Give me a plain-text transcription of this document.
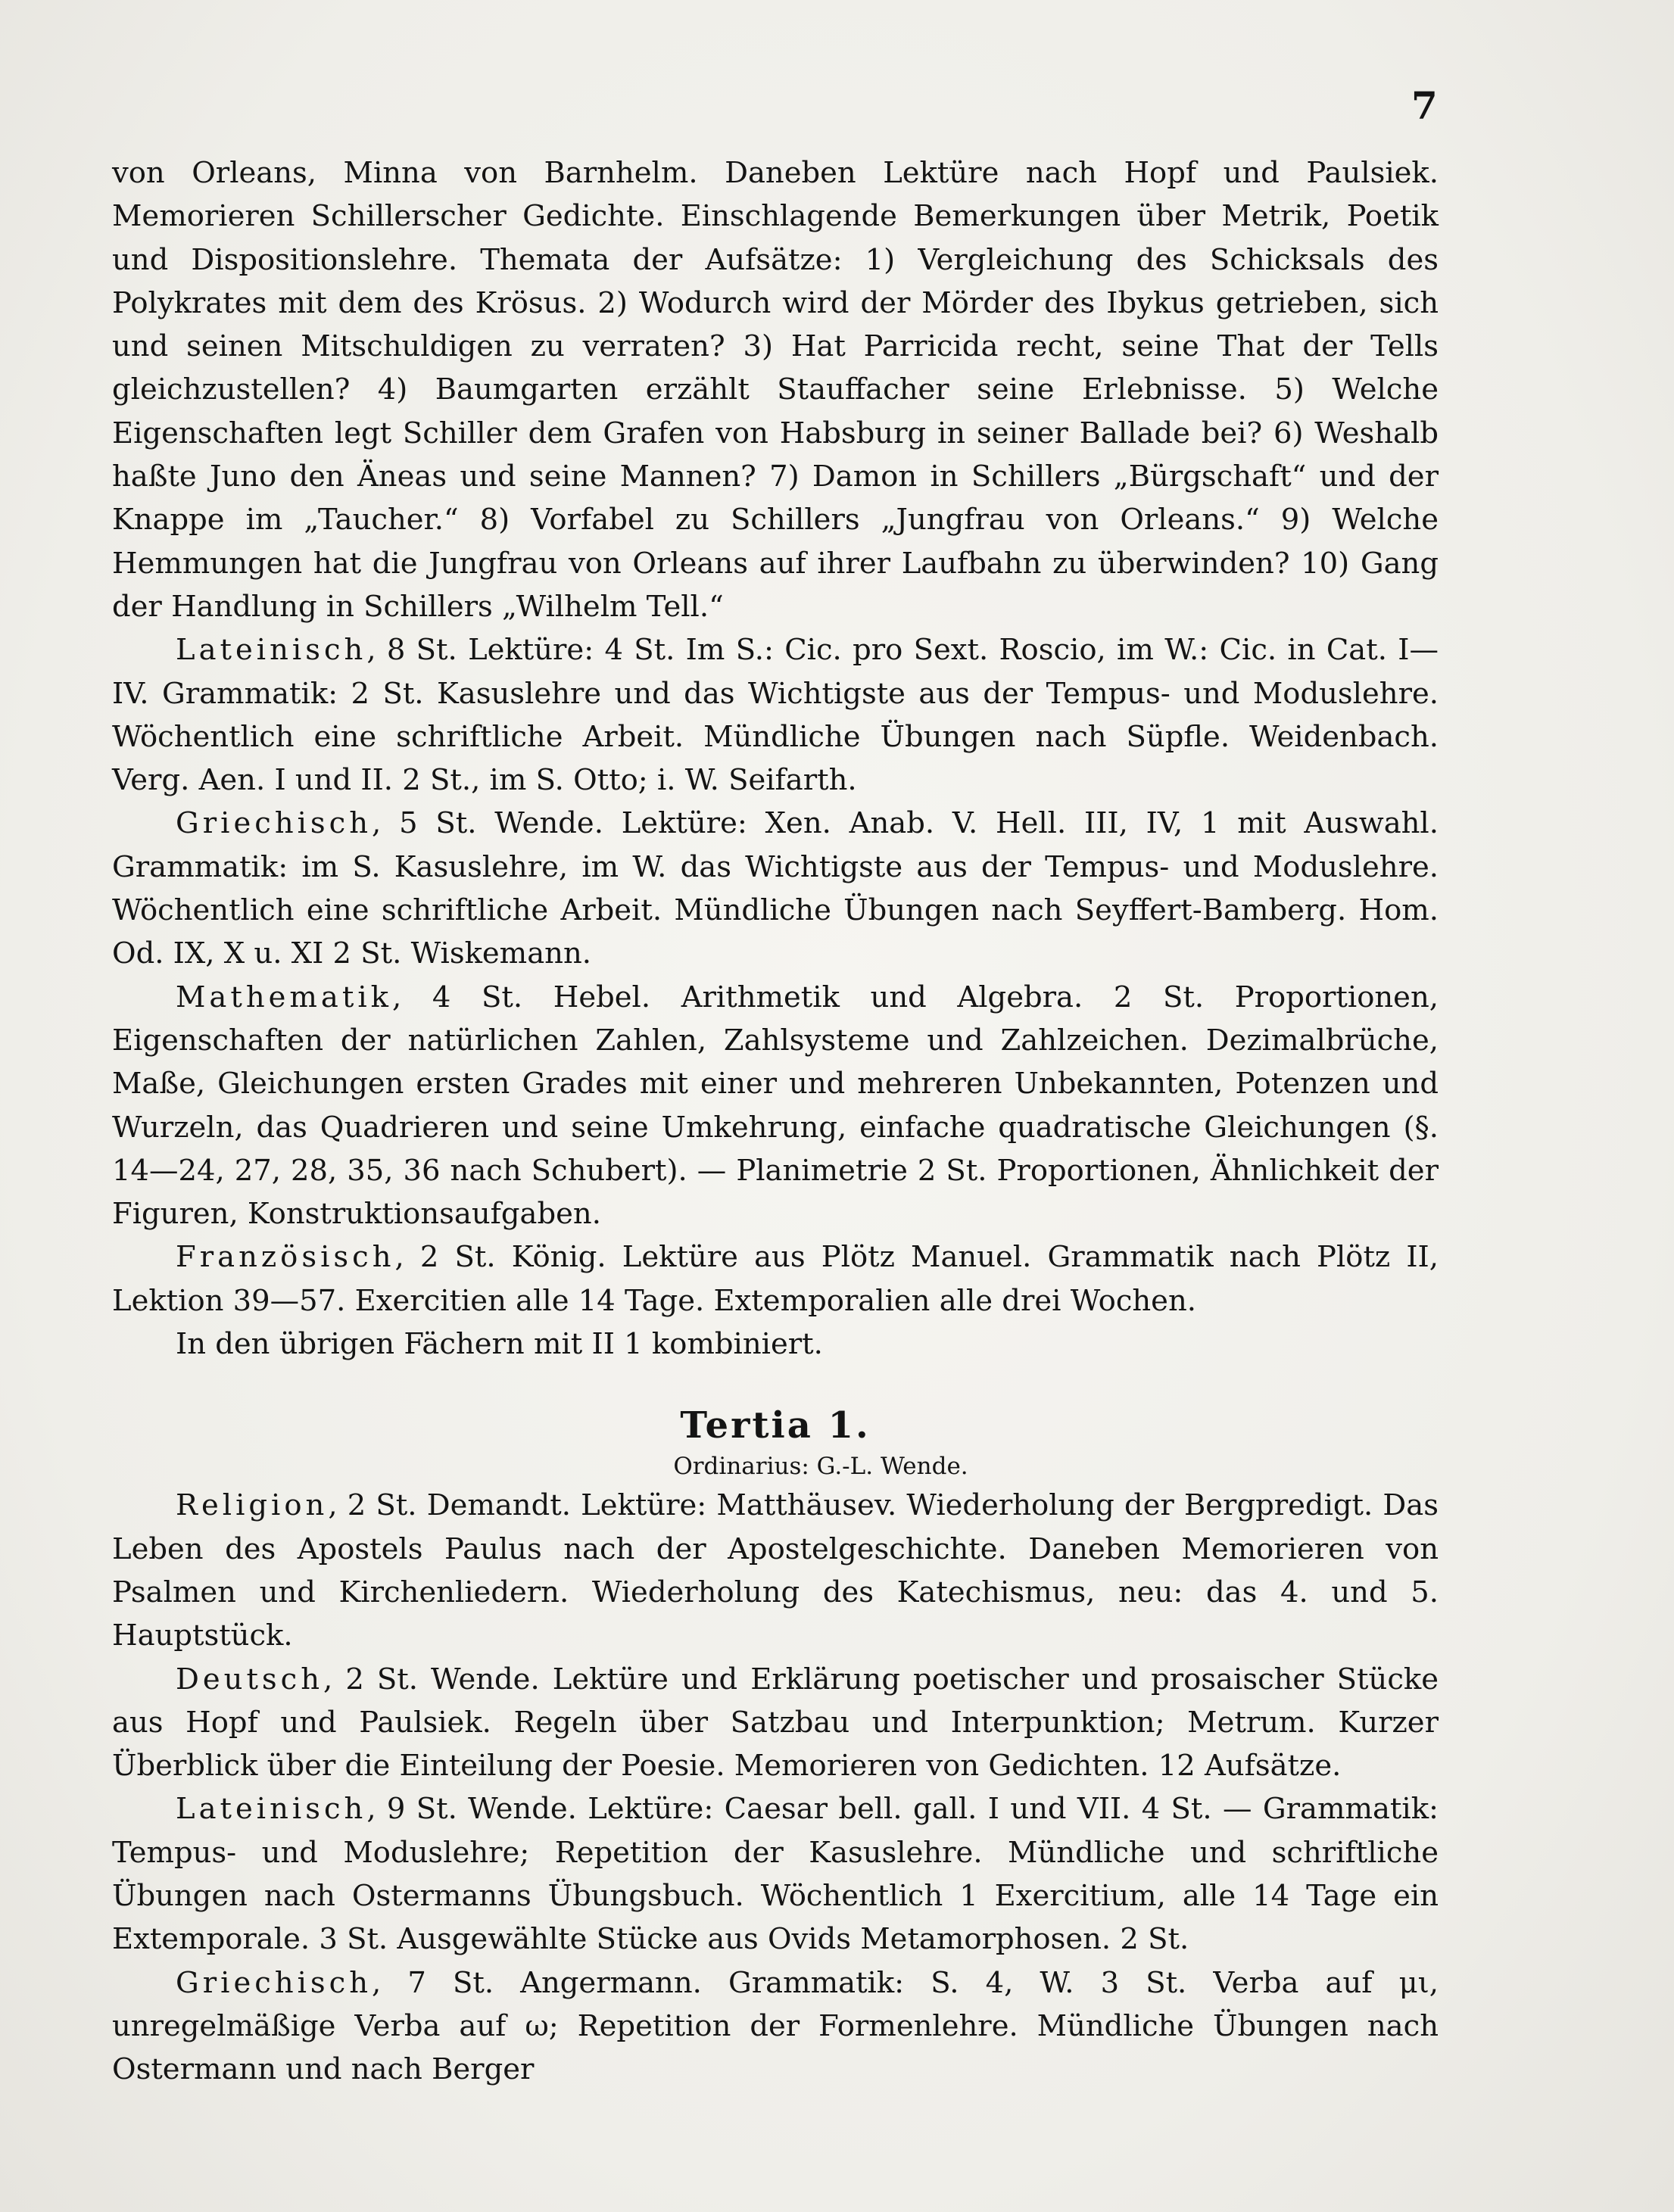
7

von Orleans, Minna von Barnhelm. Daneben Lektüre nach Hopf und Paulsiek. Memorieren Schillerscher Gedichte. Einschlagende Bemerkungen über Metrik, Poetik und Dispositionslehre. Themata der Aufsätze: 1) Vergleichung des Schicksals des Polykrates mit dem des Krösus. 2) Wodurch wird der Mörder des Ibykus getrieben, sich und seinen Mitschuldigen zu verraten? 3) Hat Parricida recht, seine That der Tells gleichzustellen? 4) Baumgarten erzählt Stauffacher seine Erlebnisse. 5) Welche Eigenschaften legt Schiller dem Grafen von Habsburg in seiner Ballade bei? 6) Weshalb haßte Juno den Äneas und seine Mannen? 7) Damon in Schillers „Bürgschaft“ und der Knappe im „Taucher.“ 8) Vorfabel zu Schillers „Jungfrau von Orleans.“ 9) Welche Hemmungen hat die Jungfrau von Orleans auf ihrer Laufbahn zu überwinden? 10) Gang der Handlung in Schillers „Wilhelm Tell.“

Lateinisch, 8 St. Lektüre: 4 St. Im S.: Cic. pro Sext. Roscio, im W.: Cic. in Cat. I—IV. Grammatik: 2 St. Kasuslehre und das Wichtigste aus der Tempus- und Moduslehre. Wöchentlich eine schriftliche Arbeit. Mündliche Übungen nach Süpfle. Weidenbach. Verg. Aen. I und II. 2 St., im S. Otto; i. W. Seifarth.

Griechisch, 5 St. Wende. Lektüre: Xen. Anab. V. Hell. III, IV, 1 mit Auswahl. Grammatik: im S. Kasuslehre, im W. das Wichtigste aus der Tempus- und Moduslehre. Wöchentlich eine schriftliche Arbeit. Mündliche Übungen nach Seyffert-Bamberg. Hom. Od. IX, X u. XI 2 St. Wiskemann.

Mathematik, 4 St. Hebel. Arithmetik und Algebra. 2 St. Proportionen, Eigenschaften der natürlichen Zahlen, Zahlsysteme und Zahlzeichen. Dezimalbrüche, Maße, Gleichungen ersten Grades mit einer und mehreren Unbekannten, Potenzen und Wurzeln, das Quadrieren und seine Umkehrung, einfache quadratische Gleichungen (§. 14—24, 27, 28, 35, 36 nach Schubert). — Planimetrie 2 St. Proportionen, Ähnlichkeit der Figuren, Konstruktionsaufgaben.

Französisch, 2 St. König. Lektüre aus Plötz Manuel. Grammatik nach Plötz II, Lektion 39—57. Exercitien alle 14 Tage. Extemporalien alle drei Wochen.

In den übrigen Fächern mit II 1 kombiniert.

Tertia 1.
Ordinarius: G.-L. Wende.

Religion, 2 St. Demandt. Lektüre: Matthäusev. Wiederholung der Bergpredigt. Das Leben des Apostels Paulus nach der Apostelgeschichte. Daneben Memorieren von Psalmen und Kirchenliedern. Wiederholung des Katechismus, neu: das 4. und 5. Hauptstück.

Deutsch, 2 St. Wende. Lektüre und Erklärung poetischer und prosaischer Stücke aus Hopf und Paulsiek. Regeln über Satzbau und Interpunktion; Metrum. Kurzer Überblick über die Einteilung der Poesie. Memorieren von Gedichten. 12 Aufsätze.

Lateinisch, 9 St. Wende. Lektüre: Caesar bell. gall. I und VII. 4 St. — Grammatik: Tempus- und Moduslehre; Repetition der Kasuslehre. Mündliche und schriftliche Übungen nach Ostermanns Übungsbuch. Wöchentlich 1 Exercitium, alle 14 Tage ein Extemporale. 3 St. Ausgewählte Stücke aus Ovids Metamorphosen. 2 St.

Griechisch, 7 St. Angermann. Grammatik: S. 4, W. 3 St. Verba auf μι, unregelmäßige Verba auf ω; Repetition der Formenlehre. Mündliche Übungen nach Ostermann und nach Berger
